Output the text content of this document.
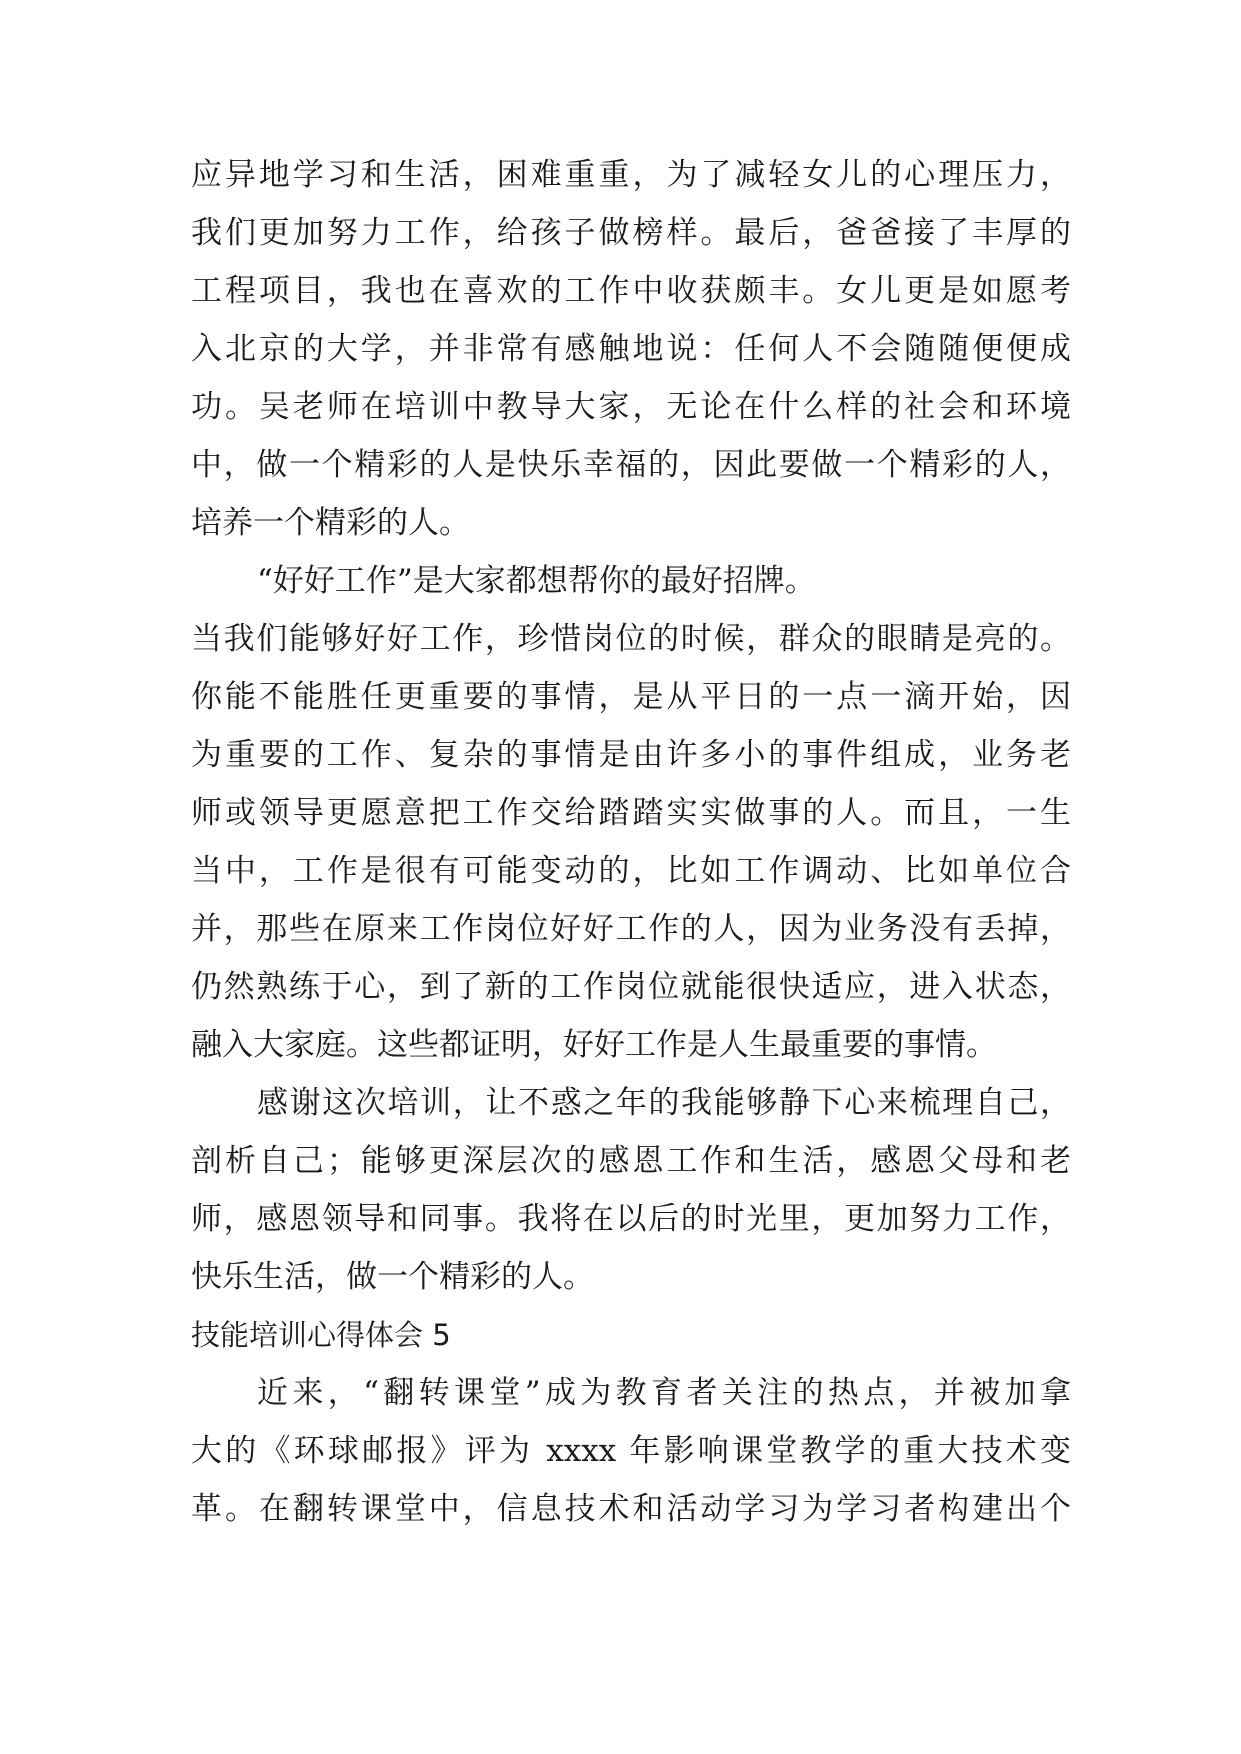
应异地学习和生活，困难重重，为了减轻女儿的心理压力，
我们更加努力工作，给孩子做榜样。最后，爸爸接了丰厚的
工程项目，我也在喜欢的工作中收获颇丰。女儿更是如愿考
入北京的大学，并非常有感触地说：任何人不会随随便便成
功。吴老师在培训中教导大家，无论在什么样的社会和环境
中，做一个精彩的人是快乐幸福的，因此要做一个精彩的人，
培养一个精彩的人。
“好好工作”是大家都想帮你的最好招牌。
当我们能够好好工作，珍惜岗位的时候，群众的眼睛是亮的。
你能不能胜任更重要的事情，是从平日的一点一滴开始，因
为重要的工作、复杂的事情是由许多小的事件组成，业务老
师或领导更愿意把工作交给踏踏实实做事的人。而且，一生
当中，工作是很有可能变动的，比如工作调动、比如单位合
并，那些在原来工作岗位好好工作的人，因为业务没有丢掉，
仍然熟练于心，到了新的工作岗位就能很快适应，进入状态，
融入大家庭。这些都证明，好好工作是人生最重要的事情。
感谢这次培训，让不惑之年的我能够静下心来梳理自己，
剖析自己；能够更深层次的感恩工作和生活，感恩父母和老
师，感恩领导和同事。我将在以后的时光里，更加努力工作，
快乐生活，做一个精彩的人。
技能培训心得体会 5
近来，“翻转课堂”成为教育者关注的热点，并被加拿
大的《环球邮报》评为 xxxx 年影响课堂教学的重大技术变
革。在翻转课堂中，信息技术和活动学习为学习者构建出个
